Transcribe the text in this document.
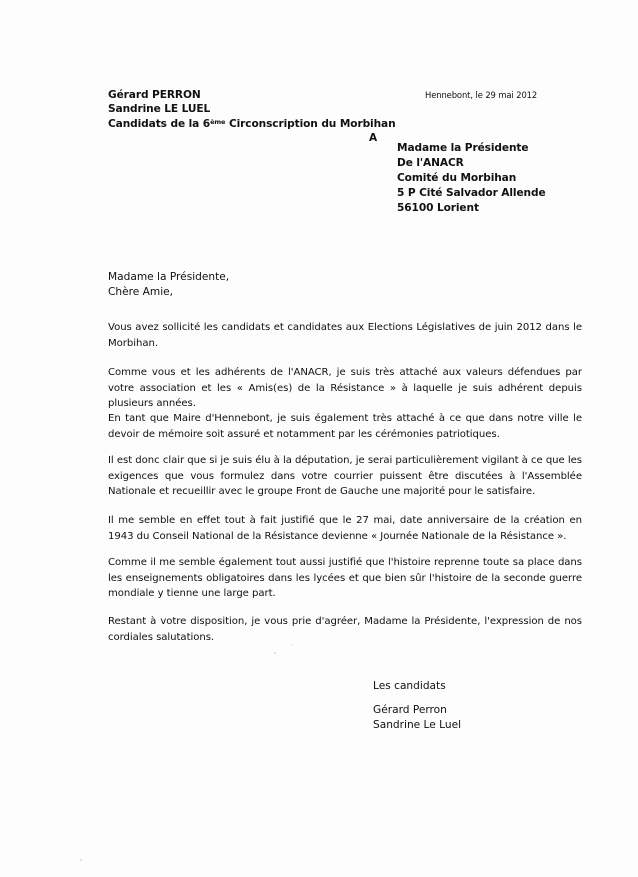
Gérard PERRON
Sandrine LE LUEL
Candidats de la 6ème Circonscription du Morbihan
Hennebont, le 29 mai 2012
A
Madame la Présidente
De l'ANACR
Comité du Morbihan
5 P Cité Salvador Allende
56100 Lorient
Madame la Présidente,
Chère Amie,

Vous avez sollicité les candidats et candidates aux Elections Législatives de juin 2012 dans le Morbihan.

Comme vous et les adhérents de l'ANACR, je suis très attaché aux valeurs défendues par votre association et les « Amis(es) de la Résistance » à laquelle je suis adhérent depuis plusieurs années.

En tant que Maire d'Hennebont, je suis également très attaché à ce que dans notre ville le devoir de mémoire soit assuré et notamment par les cérémonies patriotiques.

Il est donc clair que si je suis élu à la députation, je serai particulièrement vigilant à ce que les exigences que vous formulez dans votre courrier puissent être discutées à l'Assemblée Nationale et recueillir avec le groupe Front de Gauche une majorité pour le satisfaire.

Il me semble en effet tout à fait justifié que le 27 mai, date anniversaire de la création en 1943 du Conseil National de la Résistance devienne « Journée Nationale de la Résistance ».

Comme il me semble également tout aussi justifié que l'histoire reprenne toute sa place dans les enseignements obligatoires dans les lycées et que bien sûr l'histoire de la seconde guerre mondiale y tienne une large part.

Restant à votre disposition, je vous prie d'agréer, Madame la Présidente, l'expression de nos cordiales salutations.

Les candidats
Gérard Perron
Sandrine Le Luel
